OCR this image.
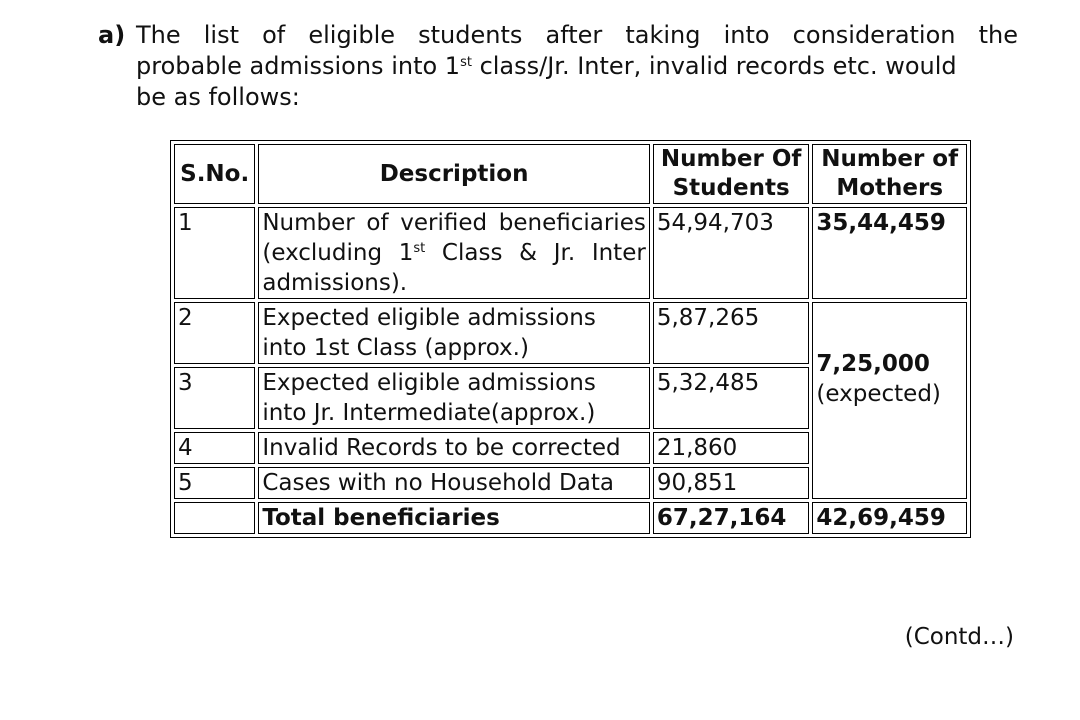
a) The list of eligible students after taking into consideration the
probable admissions into 1st class/Jr. Inter, invalid records etc. would
be as follows:
S.No.	Description	Number Of Students	Number of Mothers
1	Number of verified beneficiaries (excluding 1st Class & Jr. Inter admissions).	54,94,703	35,44,459
2	Expected eligible admissions into 1st Class (approx.)	5,87,265	7,25,000
(expected)

3	Expected eligible admissions into Jr. Intermediate(approx.)	5,32,485	
4	Invalid Records to be corrected	21,860	
5	Cases with no Household Data	90,851	
	Total beneficiaries	67,27,164	42,69,459
(Contd…)
